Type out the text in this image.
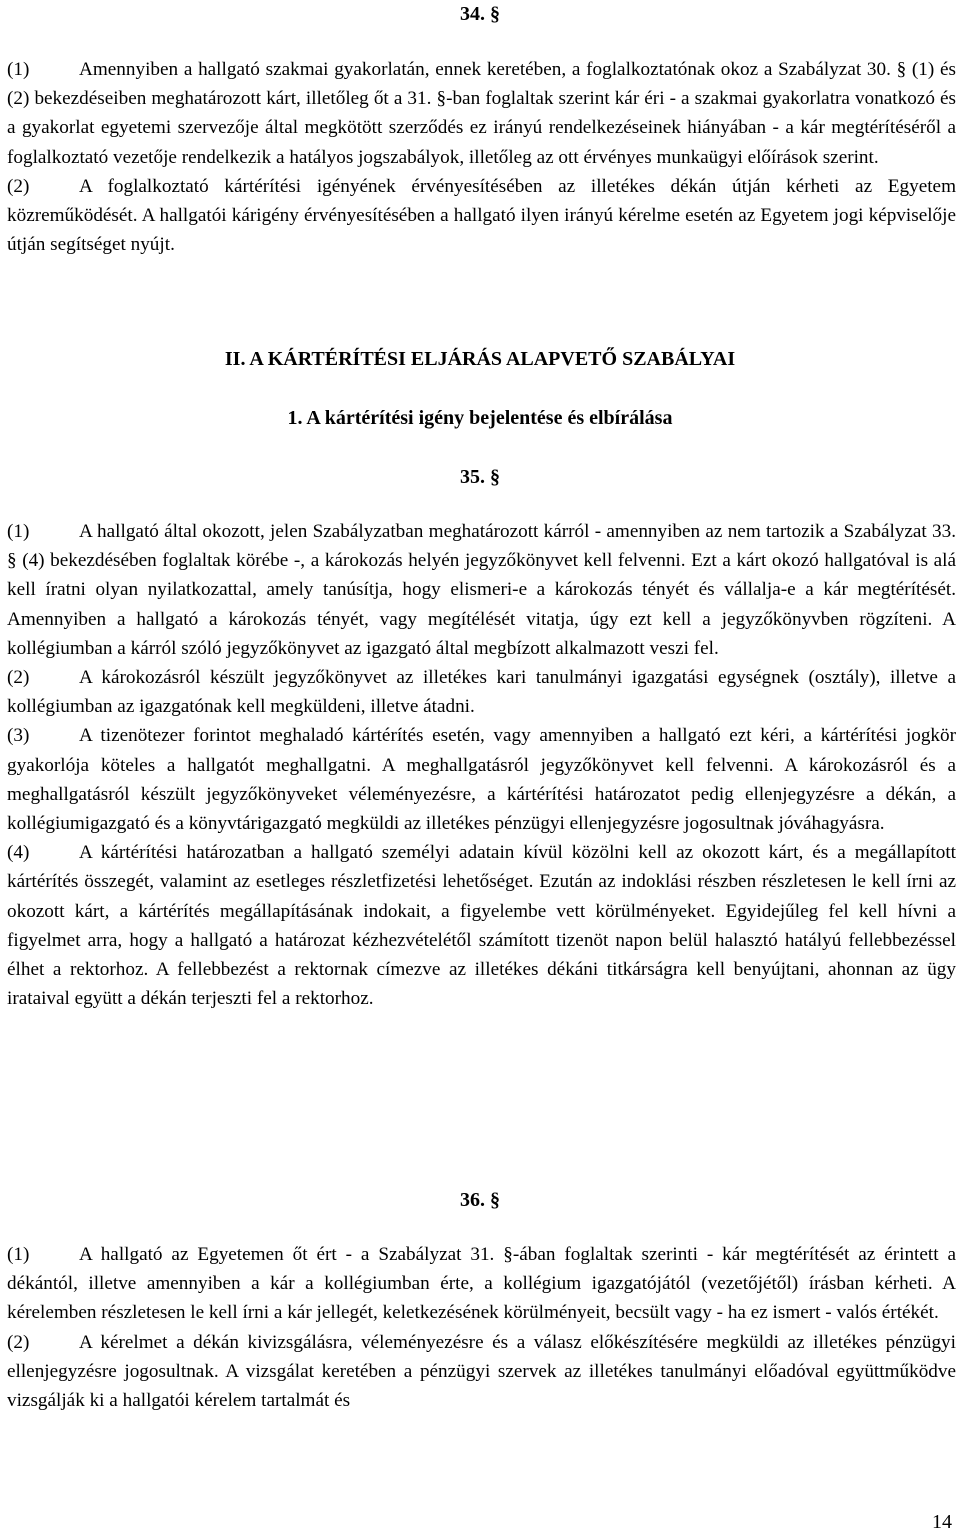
34. §

(1)	Amennyiben a hallgató szakmai gyakorlatán, ennek keretében, a foglalkoztatónak okoz a Szabályzat 30. § (1) és (2) bekezdéseiben meghatározott kárt, illetőleg őt a 31. §-ban foglaltak szerint kár éri - a szakmai gyakorlatra vonatkozó és a gyakorlat egyetemi szervezője által megkötött szerződés ez irányú rendelkezéseinek hiányában - a kár megtérítéséről a foglalkoztató vezetője rendelkezik a hatályos jogszabályok, illetőleg az ott érvényes munkaügyi előírások szerint.

(2)	A foglalkoztató kártérítési igényének érvényesítésében az illetékes dékán útján kérheti az Egyetem közreműködését. A hallgatói kárigény érvényesítésében a hallgató ilyen irányú kérelme esetén az Egyetem jogi képviselője útján segítséget nyújt.

II. A KÁRTÉRÍTÉSI ELJÁRÁS ALAPVETŐ SZABÁLYAI

1. A kártérítési igény bejelentése és elbírálása

35. §

(1)	A hallgató által okozott, jelen Szabályzatban meghatározott kárról - amennyiben az nem tartozik a Szabályzat 33. § (4) bekezdésében foglaltak körébe -, a károkozás helyén jegyzőkönyvet kell felvenni. Ezt a kárt okozó hallgatóval is alá kell íratni olyan nyilatkozattal, amely tanúsítja, hogy elismeri-e a károkozás tényét és vállalja-e a kár megtérítését. Amennyiben a hallgató a károkozás tényét, vagy megítélését vitatja, úgy ezt kell a jegyzőkönyvben rögzíteni. A kollégiumban a kárról szóló jegyzőkönyvet az igazgató által megbízott alkalmazott veszi fel.

(2)	A károkozásról készült jegyzőkönyvet az illetékes kari tanulmányi igazgatási egységnek (osztály), illetve a kollégiumban az igazgatónak kell megküldeni, illetve átadni.

(3)	A tizenötezer forintot meghaladó kártérítés esetén, vagy amennyiben a hallgató ezt kéri, a kártérítési jogkör gyakorlója köteles a hallgatót meghallgatni. A meghallgatásról jegyzőkönyvet kell felvenni. A károkozásról és a meghallgatásról készült jegyzőkönyveket véleményezésre, a kártérítési határozatot pedig ellenjegyzésre a dékán, a kollégiumigazgató és a könyvtárigazgató megküldi az illetékes pénzügyi ellenjegyzésre jogosultnak jóváhagyásra.

(4)	A kártérítési határozatban a hallgató személyi adatain kívül közölni kell az okozott kárt, és a megállapított kártérítés összegét, valamint az esetleges részletfizetési lehetőséget. Ezután az indoklási részben részletesen le kell írni az okozott kárt, a kártérítés megállapításának indokait, a figyelembe vett körülményeket. Egyidejűleg fel kell hívni a figyelmet arra, hogy a hallgató a határozat kézhezvételétől számított tizenöt napon belül halasztó hatályú fellebbezéssel élhet a rektorhoz. A fellebbezést a rektornak címezve az illetékes dékáni titkárságra kell benyújtani, ahonnan az ügy irataival együtt a dékán terjeszti fel a rektorhoz.

36. §

(1)	A hallgató az Egyetemen őt ért - a Szabályzat 31. §-ában foglaltak szerinti - kár megtérítését az érintett a dékántól, illetve amennyiben a kár a kollégiumban érte, a kollégium igazgatójától (vezetőjétől) írásban kérheti. A kérelemben részletesen le kell írni a kár jellegét, keletkezésének körülményeit, becsült vagy - ha ez ismert - valós értékét.

(2)	A kérelmet a dékán kivizsgálásra, véleményezésre és a válasz előkészítésére megküldi az illetékes pénzügyi ellenjegyzésre jogosultnak. A vizsgálat keretében a pénzügyi szervek az illetékes tanulmányi előadóval együttműködve vizsgálják ki a hallgatói kérelem tartalmát és

14
